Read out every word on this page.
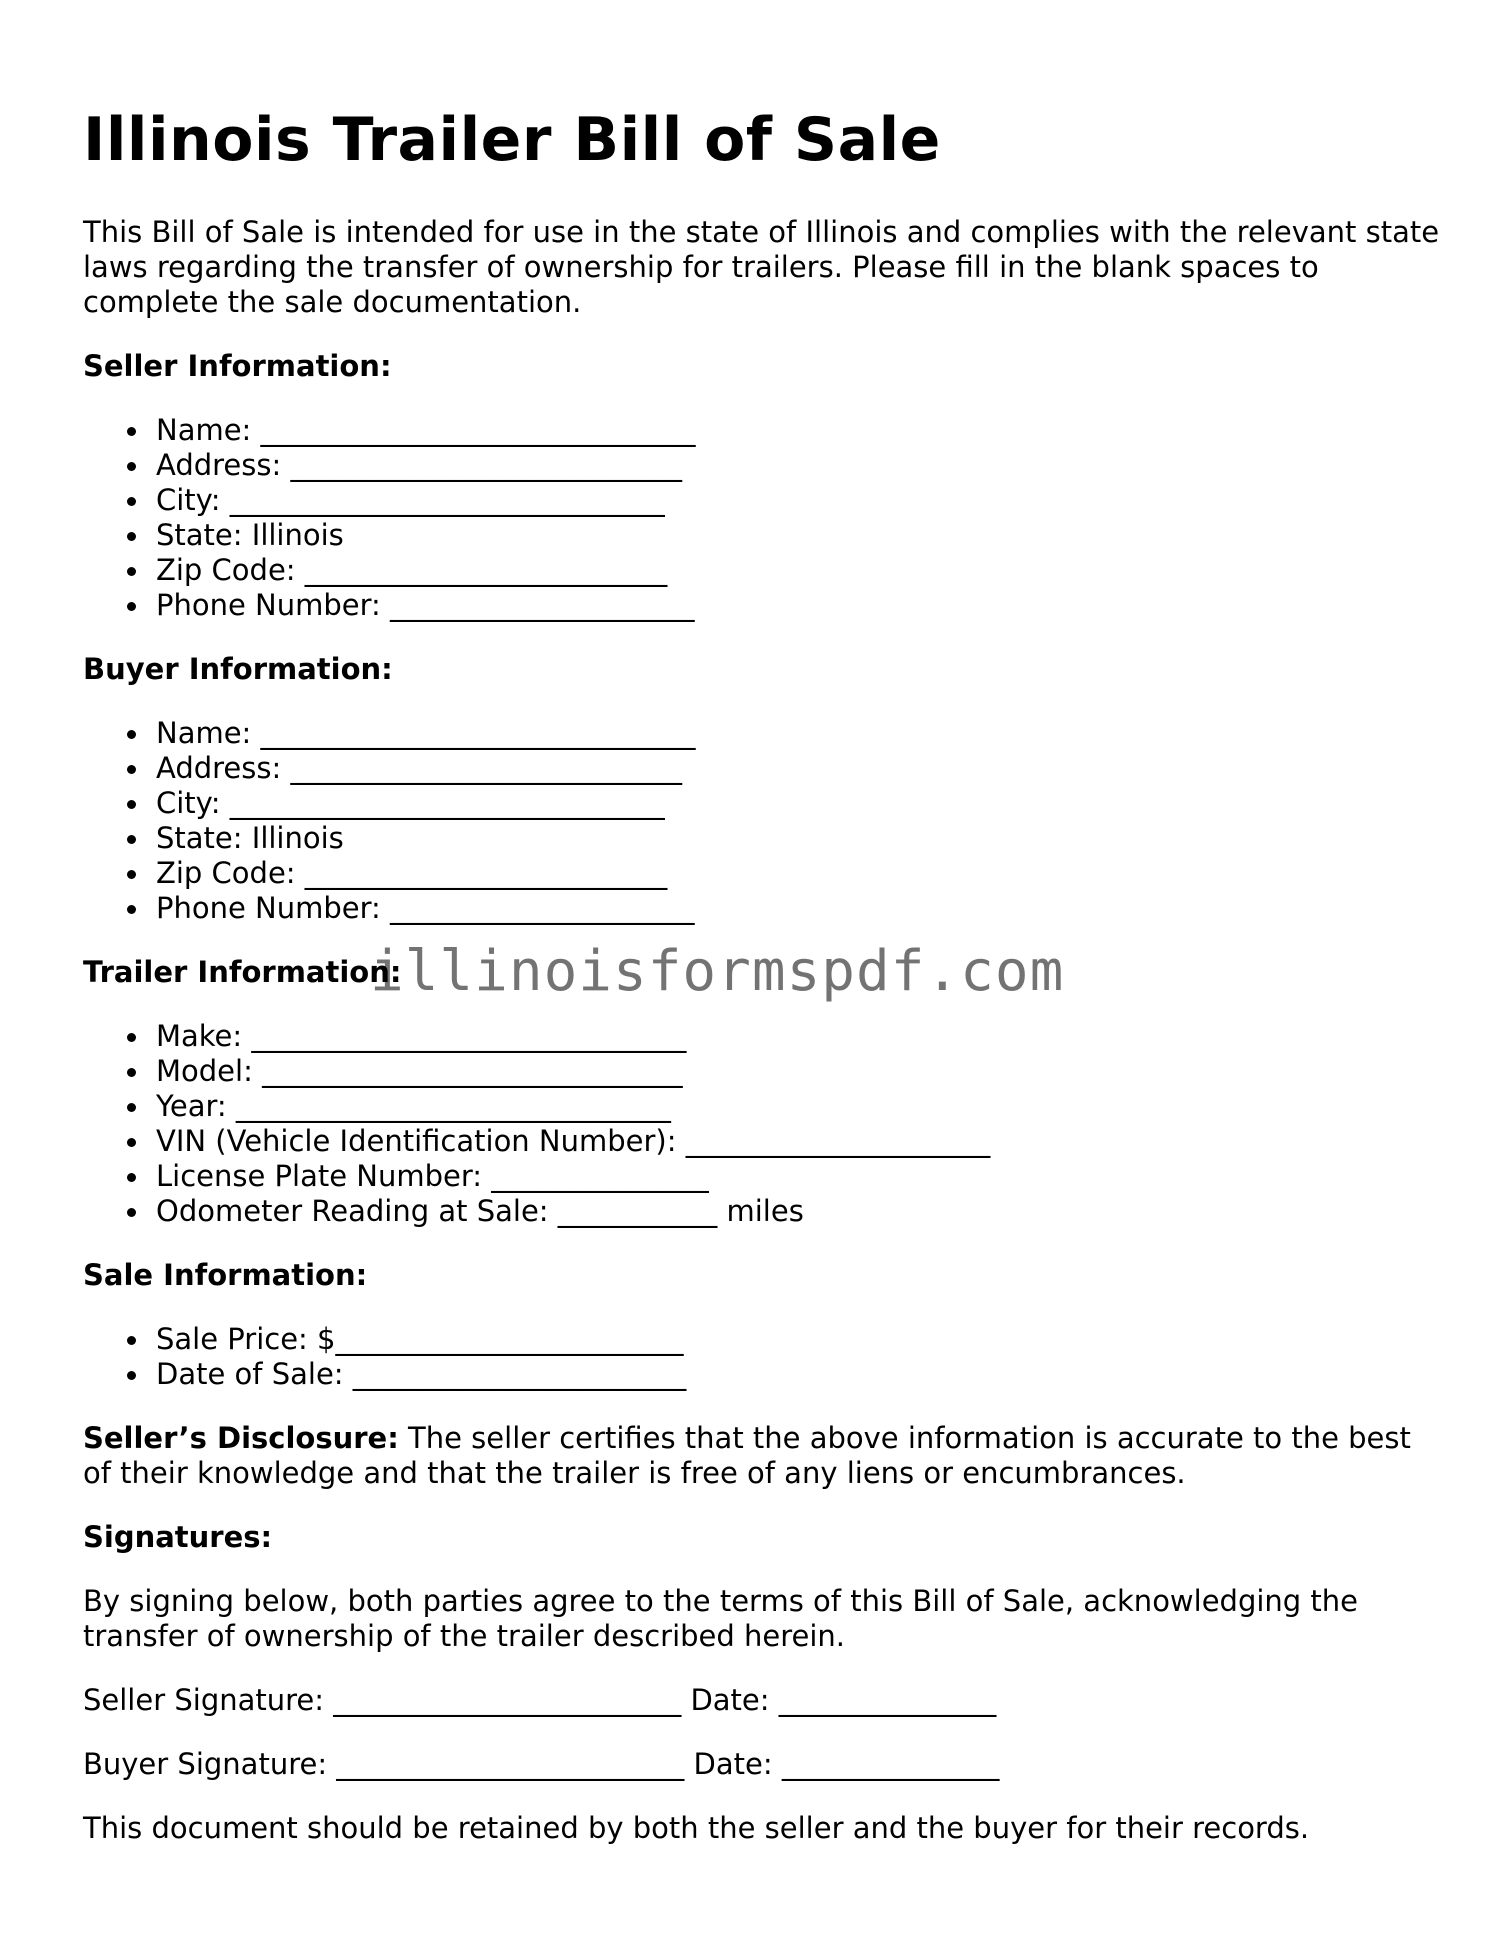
Illinois Trailer Bill of Sale

This Bill of Sale is intended for use in the state of Illinois and complies with the relevant state laws regarding the transfer of ownership for trailers. Please fill in the blank spaces to complete the sale documentation.

Seller Information:

Name: ______________________________
Address: ___________________________
City: ______________________________
State: Illinois
Zip Code: _________________________
Phone Number: _____________________

Buyer Information:

Name: ______________________________
Address: ___________________________
City: ______________________________
State: Illinois
Zip Code: _________________________
Phone Number: _____________________

Trailer Information:

Make: ______________________________
Model: _____________________________
Year: ______________________________
VIN (Vehicle Identification Number): _____________________
License Plate Number: _______________
Odometer Reading at Sale: ___________ miles

Sale Information:

Sale Price: $________________________
Date of Sale: _______________________

Seller’s Disclosure: The seller certifies that the above information is accurate to the best of their knowledge and that the trailer is free of any liens or encumbrances.

Signatures:

By signing below, both parties agree to the terms of this Bill of Sale, acknowledging the transfer of ownership of the trailer described herein.

Seller Signature: ________________________ Date: _______________

Buyer Signature: ________________________ Date: _______________

This document should be retained by both the seller and the buyer for their records.

illinoisformspdf.com
